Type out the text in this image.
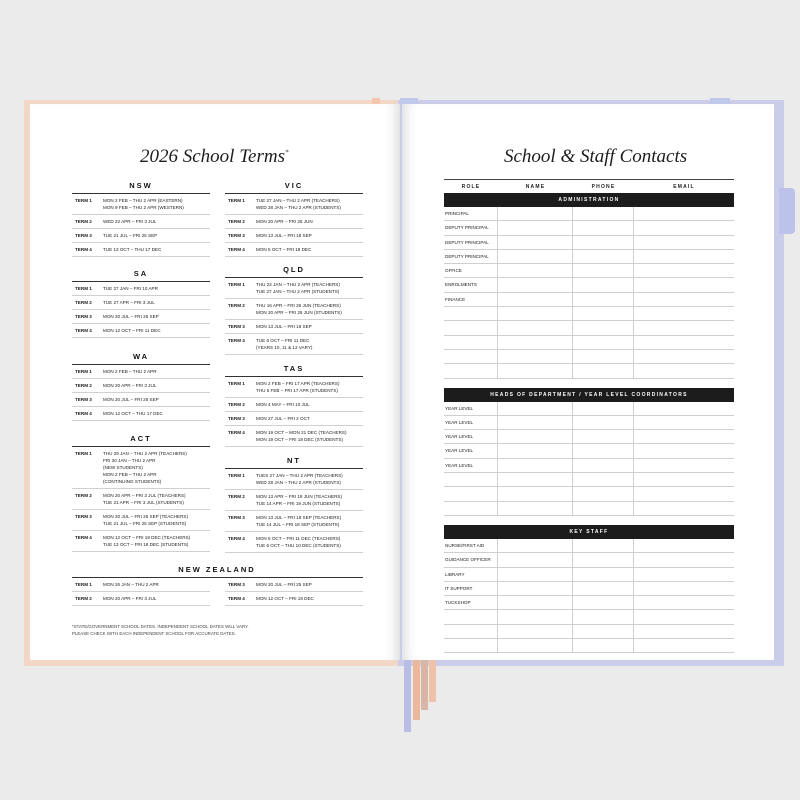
2026 School Terms*
NSW
TERM 1	MON 2 FEB – THU 2 APR (EASTERN)
MON 9 FEB – THU 2 APR (WESTERN)
TERM 2	WED 22 APR – FRI 3 JUL
TERM 3	TUE 21 JUL – FRI 25 SEP
TERM 4	TUE 13 OCT – THU 17 DEC
SA
TERM 1	TUE 27 JAN – FRI 10 APR
TERM 2	TUE 27 APR – FRI 3 JUL
TERM 3	MON 20 JUL – FRI 25 SEP
TERM 4	MON 12 OCT – FRI 11 DEC
WA
TERM 1	MON 2 FEB – THU 2 APR
TERM 2	MON 20 APR – FRI 3 JUL
TERM 3	MON 20 JUL – FRI 25 SEP
TERM 4	MON 12 OCT – THU 17 DEC
ACT
TERM 1	THU 29 JAN – THU 2 APR (TEACHERS)
FRI 30 JAN – THU 2 APR
(NEW STUDENTS)
MON 2 FEB – THU 2 APR
(CONTINUING STUDENTS)
TERM 2	MON 20 APR – FRI 3 JUL (TEACHERS)
TUE 21 APR – FRI 3 JUL (STUDENTS)
TERM 3	MON 20 JUL – FRI 25 SEP (TEACHERS)
TUE 21 JUL – FRI 25 SEP (STUDENTS)
TERM 4	MON 12 OCT – FRI 18 DEC (TEACHERS)
TUE 13 OCT – FRI 18 DEC (STUDENTS)
VIC
TERM 1	TUE 27 JAN – THU 2 APR (TEACHERS)
WED 28 JAN – THU 2 APR (STUDENTS)
TERM 2	MON 20 APR – FRI 26 JUN
TERM 3	MON 13 JUL – FRI 18 SEP
TERM 4	MON 5 OCT – FRI 18 DEC
QLD
TERM 1	THU 22 JAN – THU 2 APR (TEACHERS)
TUE 27 JAN – THU 2 APR (STUDENTS)
TERM 2	THU 16 APR – FRI 26 JUN (TEACHERS)
MON 20 APR – FRI 26 JUN (STUDENTS)
TERM 3	MON 13 JUL – FRI 18 SEP
TERM 4	TUE 6 OCT – FRI 11 DEC
(YEARS 10, 11 & 12 VARY)
TAS
TERM 1	MON 2 FEB – FRI 17 APR (TEACHERS)
THU 5 FEB – FRI 17 APR (STUDENTS)
TERM 2	MON 4 MAY – FRI 10 JUL
TERM 3	MON 27 JUL – FRI 2 OCT
TERM 4	MON 19 OCT – MON 21 DEC (TEACHERS)
MON 19 OCT – FRI 18 DEC (STUDENTS)
NT
TERM 1	TUES 27 JAN – THU 2 APR (TEACHERS)
WED 28 JAN – THU 2 APR (STUDENTS)
TERM 2	MON 13 APR – FRI 19 JUN (TEACHERS)
TUE 14 APR – FRI 19 JUN (STUDENTS)
TERM 3	MON 13 JUL – FRI 18 SEP (TEACHERS)
TUE 14 JUL – FRI 18 SEP (STUDENTS)
TERM 4	MON 5 OCT – FRI 11 DEC (TEACHERS)
TUE 6 OCT – THU 10 DEC (STUDENTS)
NEW ZEALAND
TERM 1	MON 26 JAN – THU 2 APR
TERM 2	MON 20 APR – FRI 3 JUL
TERM 3	MON 20 JUL – FRI 25 SEP
TERM 4	MON 12 OCT – FRI 18 DEC
*STATE/GOVERNMENT SCHOOL DATES. INDEPENDENT SCHOOL DATES WILL VARY.
PLEASE CHECK WITH EACH INDEPENDENT SCHOOL FOR ACCURATE DATES.
School & Staff Contacts
ROLE	NAME	PHONE	EMAIL
ADMINISTRATION
PRINCIPAL
DEPUTY PRINCIPAL
DEPUTY PRINCIPAL
DEPUTY PRINCIPAL
OFFICE
ENROLMENTS
FINANCE
HEADS OF DEPARTMENT / YEAR LEVEL COORDINATORS
YEAR LEVEL
YEAR LEVEL
YEAR LEVEL
YEAR LEVEL
YEAR LEVEL
KEY STAFF
NURSE/FIRST AID
GUIDANCE OFFICER
LIBRARY
IT SUPPORT
TUCKSHOP
